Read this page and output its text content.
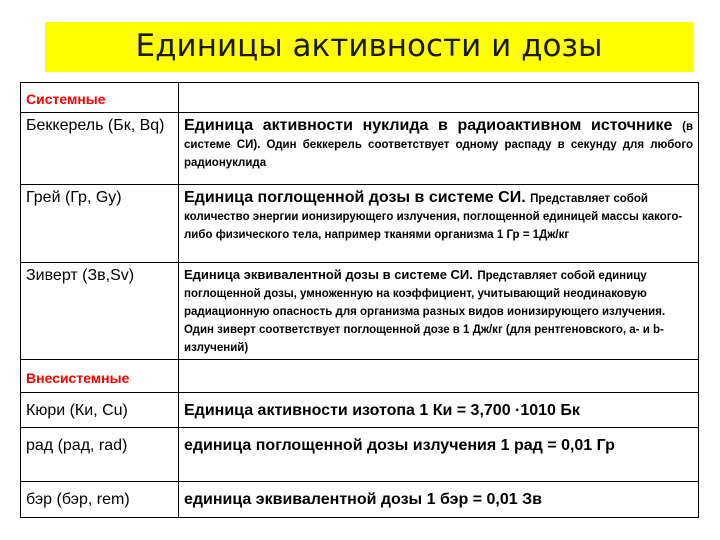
Единицы активности и дозы
Системные	

Беккерель (Бк, Bq)	Единица активности нуклида в радиоактивном источнике (в системе СИ). Один беккерель соответствует одному распаду в секунду для любого радионуклида

Грей (Гр, Gy)	Единица поглощенной дозы в системе СИ. Представляет собой количество энергии ионизирующего излучения, поглощенной единицей массы какого-либо физического тела, например тканями организма 1 Гр = 1Дж/кг

Зиверт (Зв,Sv)	Единица эквивалентной дозы в системе СИ. Представляет собой единицу поглощенной дозы, умноженную на коэффициент, учитывающий неодинаковую радиационную опасность для организма разных видов ионизирующего излучения. Один зиверт соответствует поглощенной дозе в 1 Дж/кг (для рентгеновского, a- и b-излучений)

Внесистемные	

Кюри (Ки, Cu)	Единица активности изотопа 1 Ки = 3,700 ·1010 Бк

рад (рад, rad)	единица поглощенной дозы излучения 1 рад = 0,01 Гр

бэр (бэр, rem)	единица эквивалентной дозы 1 бэр = 0,01 Зв
